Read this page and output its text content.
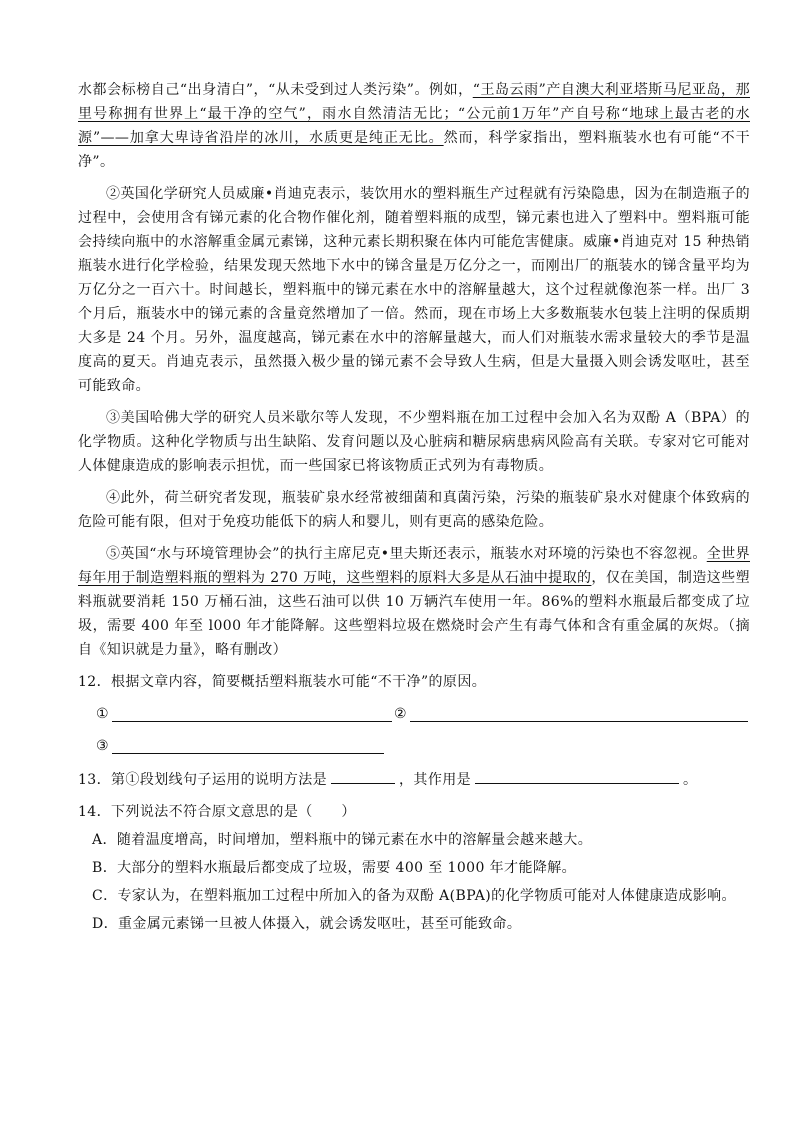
水都会标榜自己“出身清白”，“从未受到过人类污染”。例如，“王岛云雨”产自澳大利亚塔斯马尼亚岛，那里号称拥有世界上“最干净的空气”，雨水自然清洁无比；“公元前1万年”产自号称“地球上最古老的水源”——加拿大卑诗省沿岸的冰川，水质更是纯正无比。然而，科学家指出，塑料瓶装水也有可能“不干净”。

②英国化学研究人员威廉•肖迪克表示，装饮用水的塑料瓶生产过程就有污染隐患，因为在制造瓶子的过程中，会使用含有锑元素的化合物作催化剂，随着塑料瓶的成型，锑元素也进入了塑料中。塑料瓶可能会持续向瓶中的水溶解重金属元素锑，这种元素长期积聚在体内可能危害健康。威廉•肖迪克对 15 种热销瓶装水进行化学检验，结果发现天然地下水中的锑含量是万亿分之一，而刚出厂的瓶装水的锑含量平均为万亿分之一百六十。时间越长，塑料瓶中的锑元素在水中的溶解量越大，这个过程就像泡茶一样。出厂 3 个月后，瓶装水中的锑元素的含量竟然增加了一倍。然而，现在市场上大多数瓶装水包装上注明的保质期大多是 24 个月。另外，温度越高，锑元素在水中的溶解量越大，而人们对瓶装水需求量较大的季节是温度高的夏天。肖迪克表示，虽然摄入极少量的锑元素不会导致人生病，但是大量摄入则会诱发呕吐，甚至可能致命。

③美国哈佛大学的研究人员米歇尔等人发现，不少塑料瓶在加工过程中会加入名为双酚 A（BPA）的化学物质。这种化学物质与出生缺陷、发育问题以及心脏病和糖尿病患病风险高有关联。专家对它可能对人体健康造成的影响表示担忧，而一些国家已将该物质正式列为有毒物质。

④此外，荷兰研究者发现，瓶装矿泉水经常被细菌和真菌污染，污染的瓶装矿泉水对健康个体致病的危险可能有限，但对于免疫功能低下的病人和婴儿，则有更高的感染危险。

⑤英国“水与环境管理协会”的执行主席尼克•里夫斯还表示，瓶装水对环境的污染也不容忽视。全世界每年用于制造塑料瓶的塑料为 270 万吨，这些塑料的原料大多是从石油中提取的，仅在美国，制造这些塑料瓶就要消耗 150 万桶石油，这些石油可以供 10 万辆汽车使用一年。86%的塑料水瓶最后都变成了垃圾，需要 400 年至 l000 年才能降解。这些塑料垃圾在燃烧时会产生有毒气体和含有重金属的灰烬。（摘自《知识就是力量》，略有删改）

12．根据文章内容，简要概括塑料瓶装水可能“不干净”的原因。

①	②
③

13．第①段划线句子运用的说明方法是	，其作用是	。

14．下列说法不符合原文意思的是（　　）

A．随着温度增高，时间增加，塑料瓶中的锑元素在水中的溶解量会越来越大。

B．大部分的塑料水瓶最后都变成了垃圾，需要 400 至 1000 年才能降解。

C．专家认为，在塑料瓶加工过程中所加入的备为双酚 A(BPA)的化学物质可能对人体健康造成影响。

D．重金属元素锑一旦被人体摄入，就会诱发呕吐，甚至可能致命。
